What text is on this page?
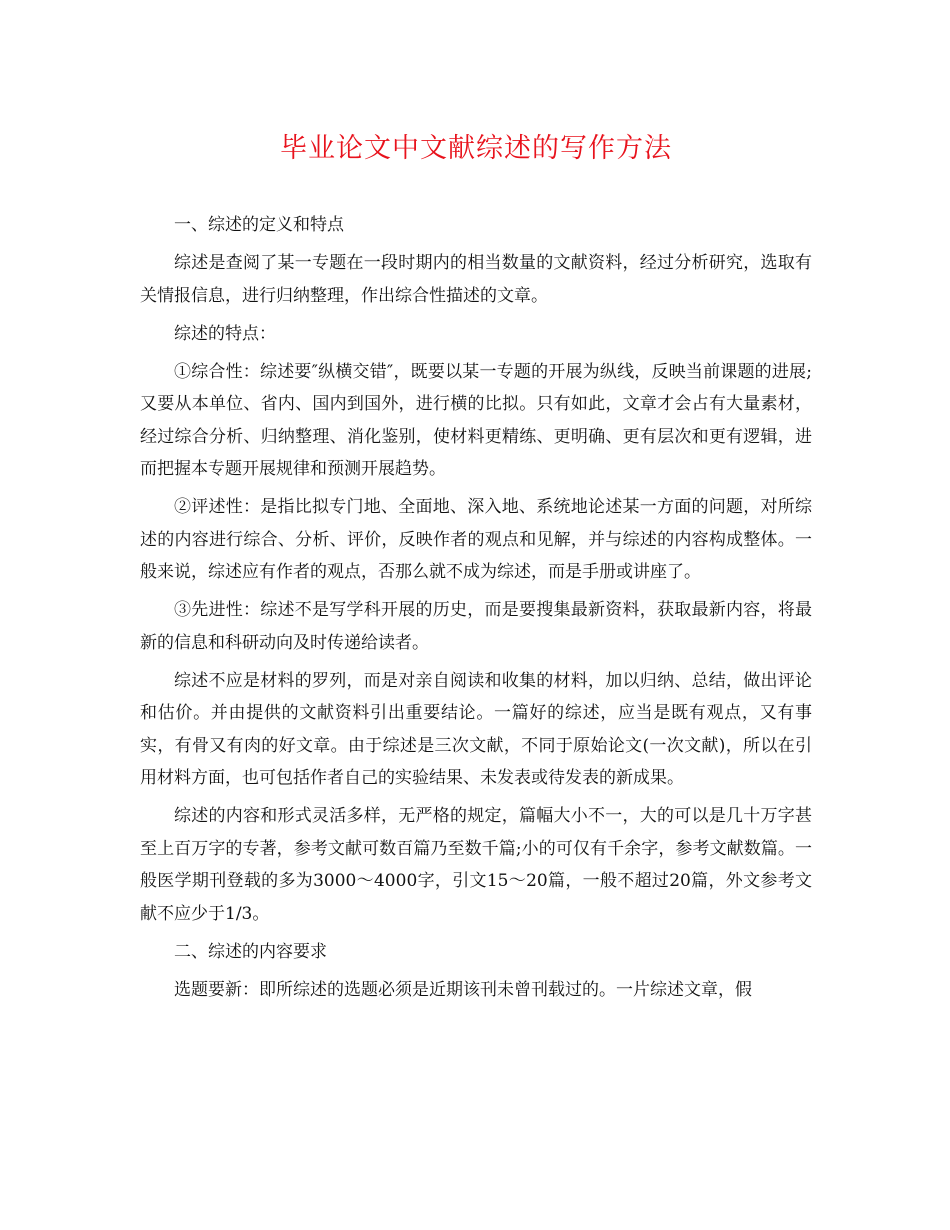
毕业论文中文献综述的写作方法

一、综述的定义和特点

综述是查阅了某一专题在一段时期内的相当数量的文献资料，经过分析研究，选取有关情报信息，进行归纳整理，作出综合性描述的文章。

综述的特点：

①综合性：综述要″纵横交错″，既要以某一专题的开展为纵线，反映当前课题的进展;又要从本单位、省内、国内到国外，进行横的比拟。只有如此，文章才会占有大量素材，经过综合分析、归纳整理、消化鉴别，使材料更精练、更明确、更有层次和更有逻辑，进而把握本专题开展规律和预测开展趋势。

②评述性：是指比拟专门地、全面地、深入地、系统地论述某一方面的问题，对所综述的内容进行综合、分析、评价，反映作者的观点和见解，并与综述的内容构成整体。一般来说，综述应有作者的观点，否那么就不成为综述，而是手册或讲座了。

③先进性：综述不是写学科开展的历史，而是要搜集最新资料，获取最新内容，将最新的信息和科研动向及时传递给读者。

综述不应是材料的罗列，而是对亲自阅读和收集的材料，加以归纳、总结，做出评论和估价。并由提供的文献资料引出重要结论。一篇好的综述，应当是既有观点，又有事实，有骨又有肉的好文章。由于综述是三次文献，不同于原始论文(一次文献)，所以在引用材料方面，也可包括作者自己的实验结果、未发表或待发表的新成果。

综述的内容和形式灵活多样，无严格的规定，篇幅大小不一，大的可以是几十万字甚至上百万字的专著，参考文献可数百篇乃至数千篇;小的可仅有千余字，参考文献数篇。一般医学期刊登载的多为3000～4000字，引文15～20篇，一般不超过20篇，外文参考文献不应少于1/3。

二、综述的内容要求

选题要新：即所综述的选题必须是近期该刊未曾刊载过的。一片综述文章，假
